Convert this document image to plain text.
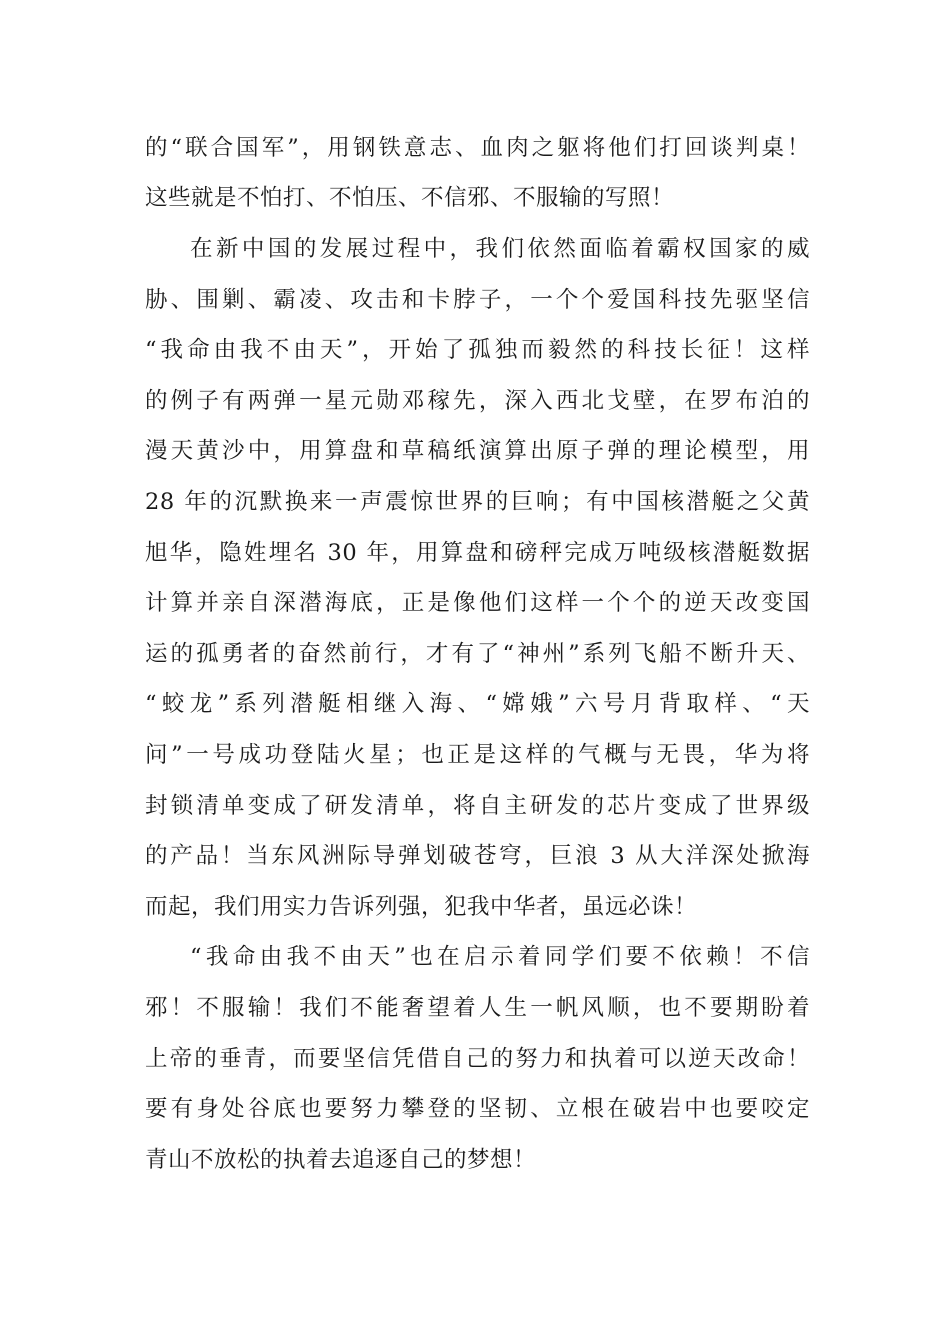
的“联合国军”，用钢铁意志、血肉之躯将他们打回谈判桌！

这些就是不怕打、不怕压、不信邪、不服输的写照！

在新中国的发展过程中，我们依然面临着霸权国家的威

胁、围剿、霸凌、攻击和卡脖子，一个个爱国科技先驱坚信

“我命由我不由天”，开始了孤独而毅然的科技长征！这样

的例子有两弹一星元勋邓稼先，深入西北戈壁，在罗布泊的

漫天黄沙中，用算盘和草稿纸演算出原子弹的理论模型，用

28 年的沉默换来一声震惊世界的巨响；有中国核潜艇之父黄

旭华，隐姓埋名 30 年，用算盘和磅秤完成万吨级核潜艇数据

计算并亲自深潜海底，正是像他们这样一个个的逆天改变国

运的孤勇者的奋然前行，才有了“神州”系列飞船不断升天、

“蛟龙”系列潜艇相继入海、“嫦娥”六号月背取样、“天

问”一号成功登陆火星；也正是这样的气概与无畏，华为将

封锁清单变成了研发清单，将自主研发的芯片变成了世界级

的产品！当东风洲际导弹划破苍穹，巨浪 3 从大洋深处掀海

而起，我们用实力告诉列强，犯我中华者，虽远必诛！

“我命由我不由天”也在启示着同学们要不依赖！不信

邪！不服输！我们不能奢望着人生一帆风顺，也不要期盼着

上帝的垂青，而要坚信凭借自己的努力和执着可以逆天改命！

要有身处谷底也要努力攀登的坚韧、立根在破岩中也要咬定

青山不放松的执着去追逐自己的梦想！
